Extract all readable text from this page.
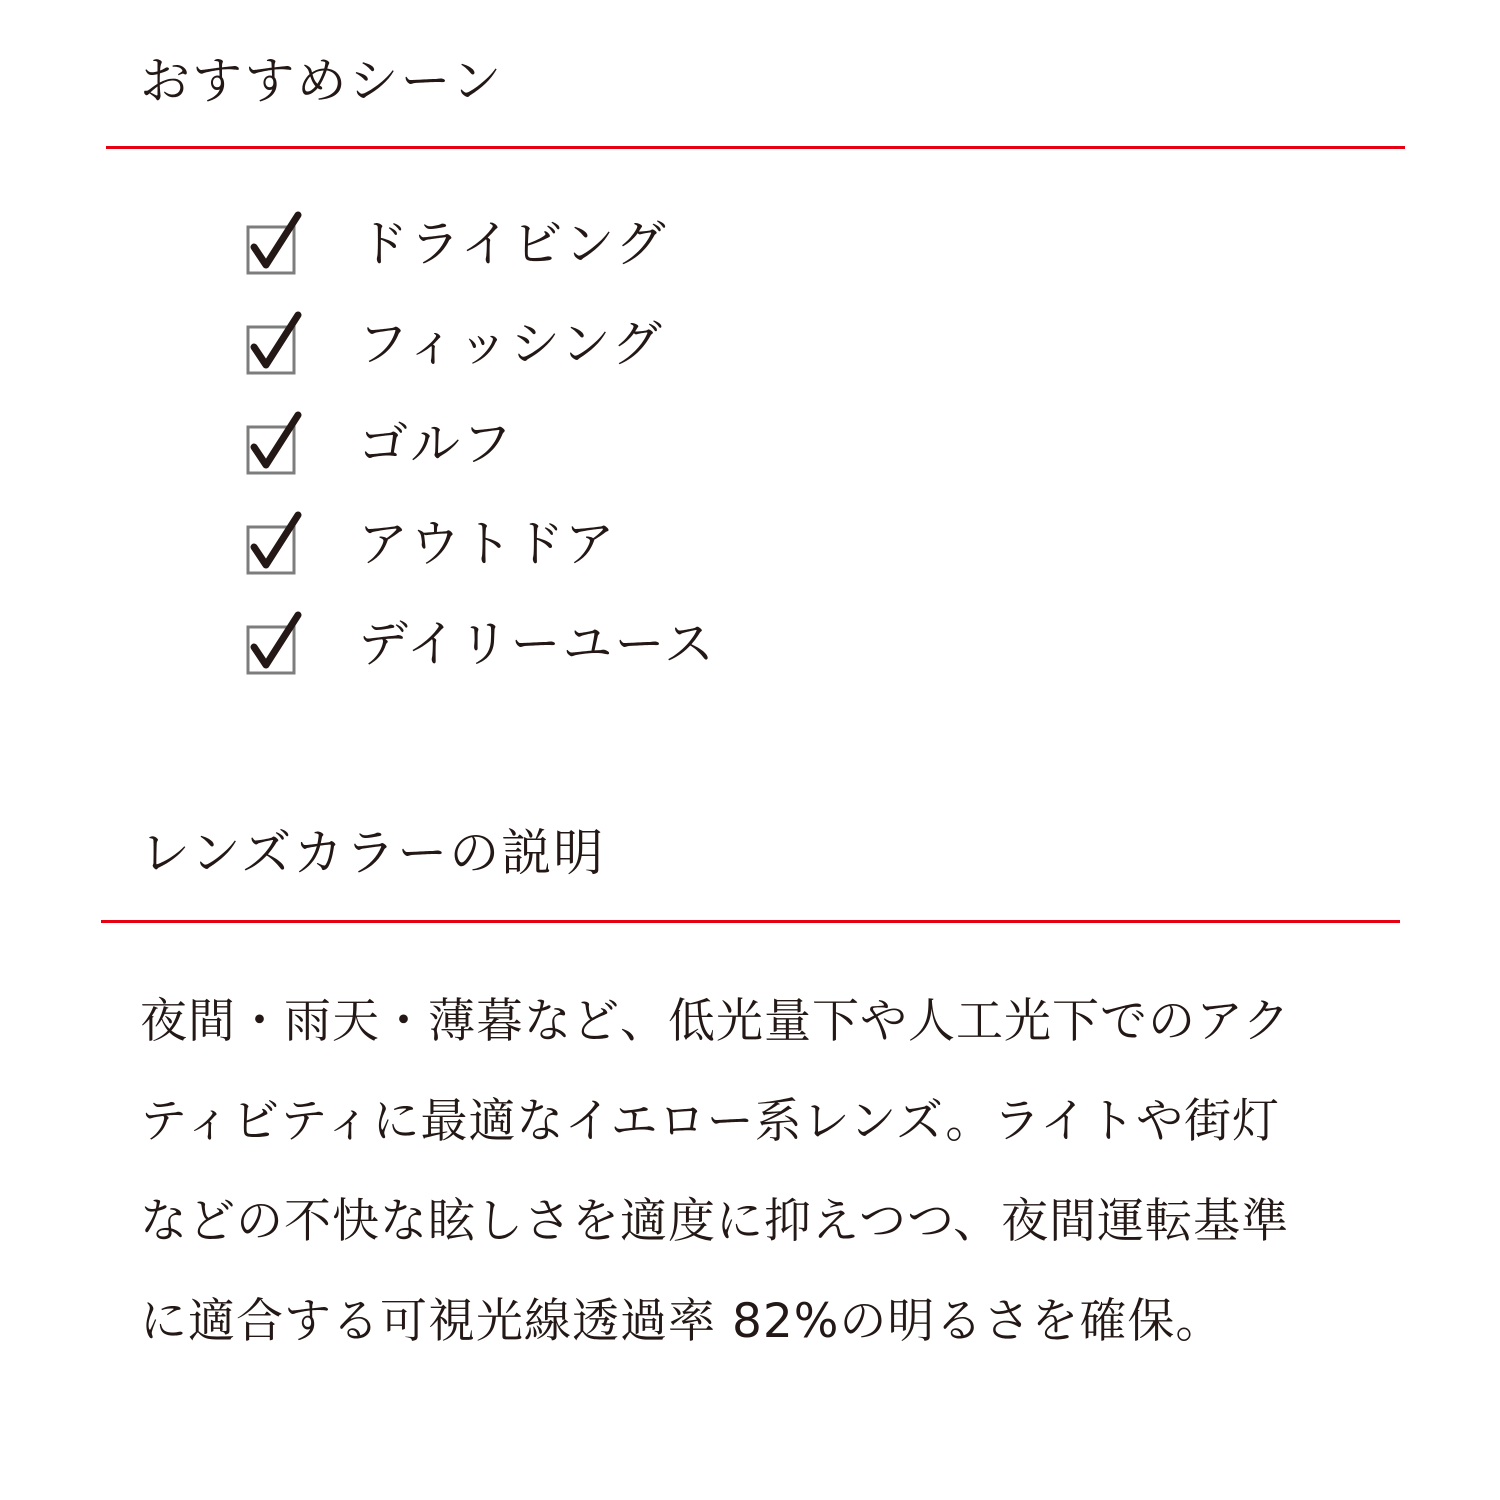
おすすめシーン
ドライビング
フィッシング
ゴルフ
アウトドア
デイリーユース
レンズカラーの説明

夜間・雨天・薄暮など、低光量下や人工光下でのアク
ティビティに最適なイエロー系レンズ。ライトや街灯
などの不快な眩しさを適度に抑えつつ、夜間運転基準
に適合する可視光線透過率 82%の明るさを確保。
